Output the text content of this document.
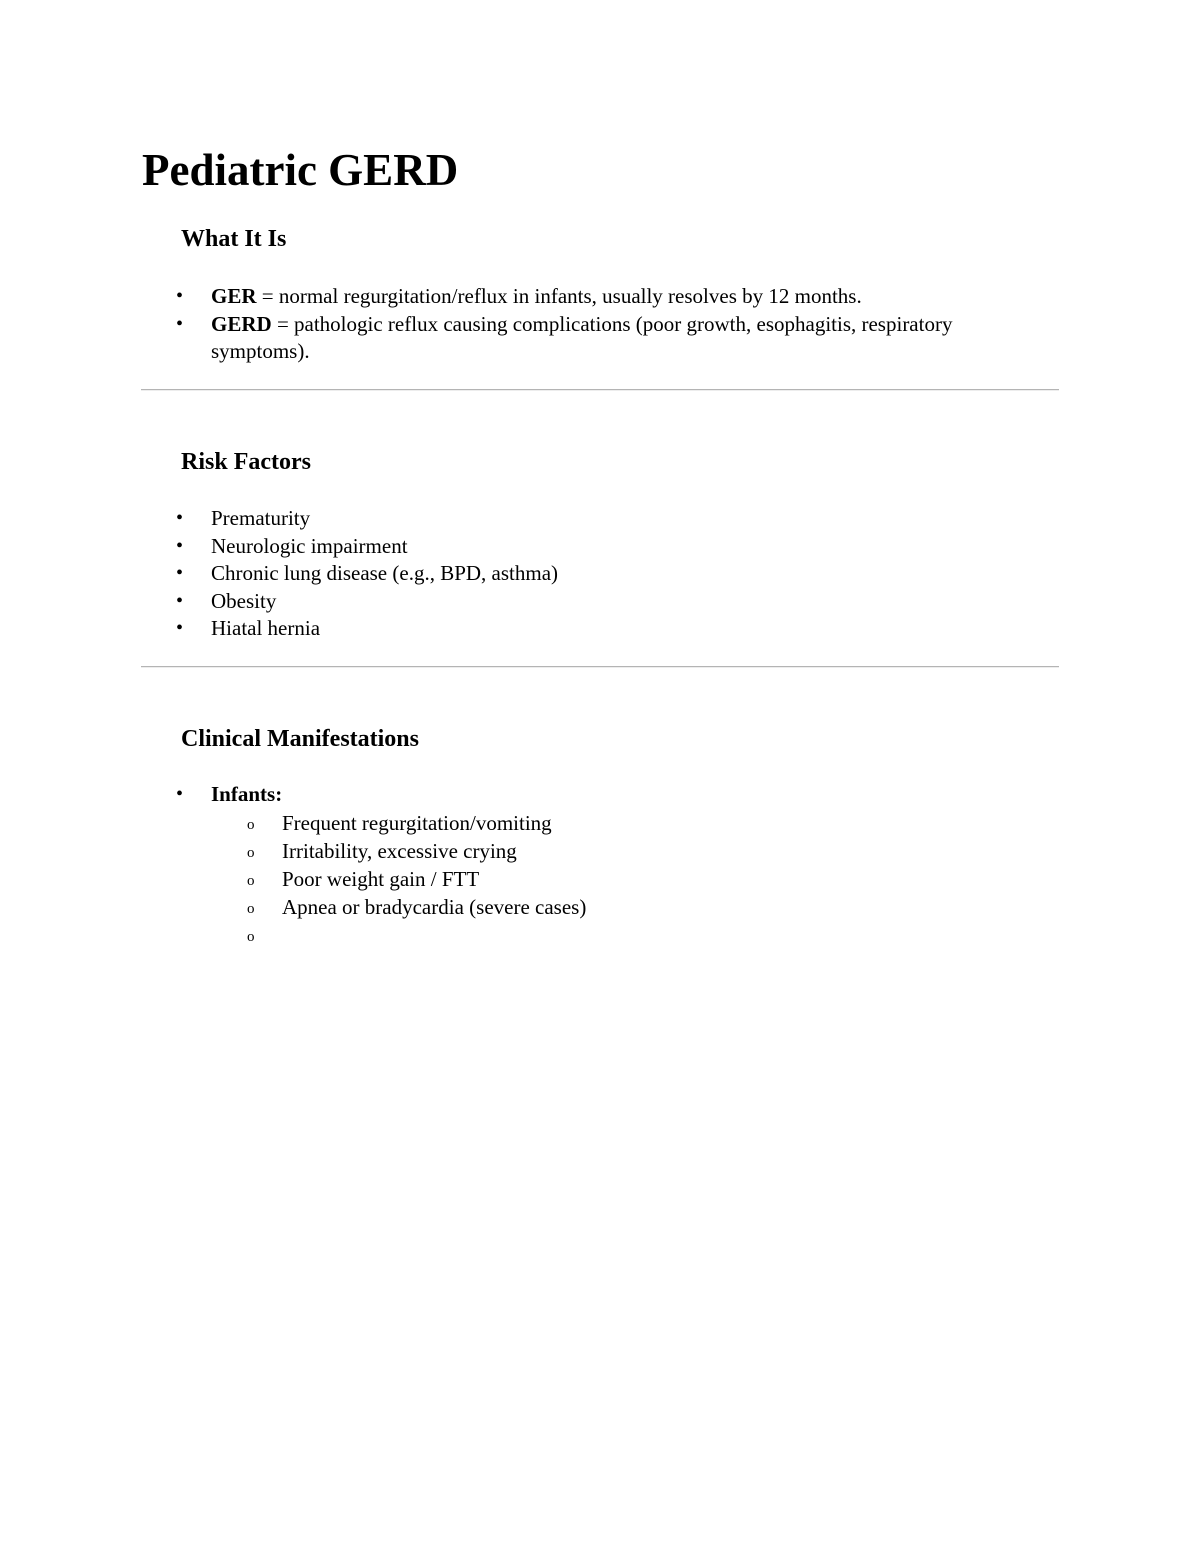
Pediatric GERD
What It Is
• GER = normal regurgitation/reflux in infants, usually resolves by 12 months.
• GERD = pathologic reflux causing complications (poor growth, esophagitis, respiratory symptoms).
Risk Factors
• Prematurity
• Neurologic impairment
• Chronic lung disease (e.g., BPD, asthma)
• Obesity
• Hiatal hernia
Clinical Manifestations
• Infants:
o Frequent regurgitation/vomiting
o Irritability, excessive crying
o Poor weight gain / FTT
o Apnea or bradycardia (severe cases)
o
